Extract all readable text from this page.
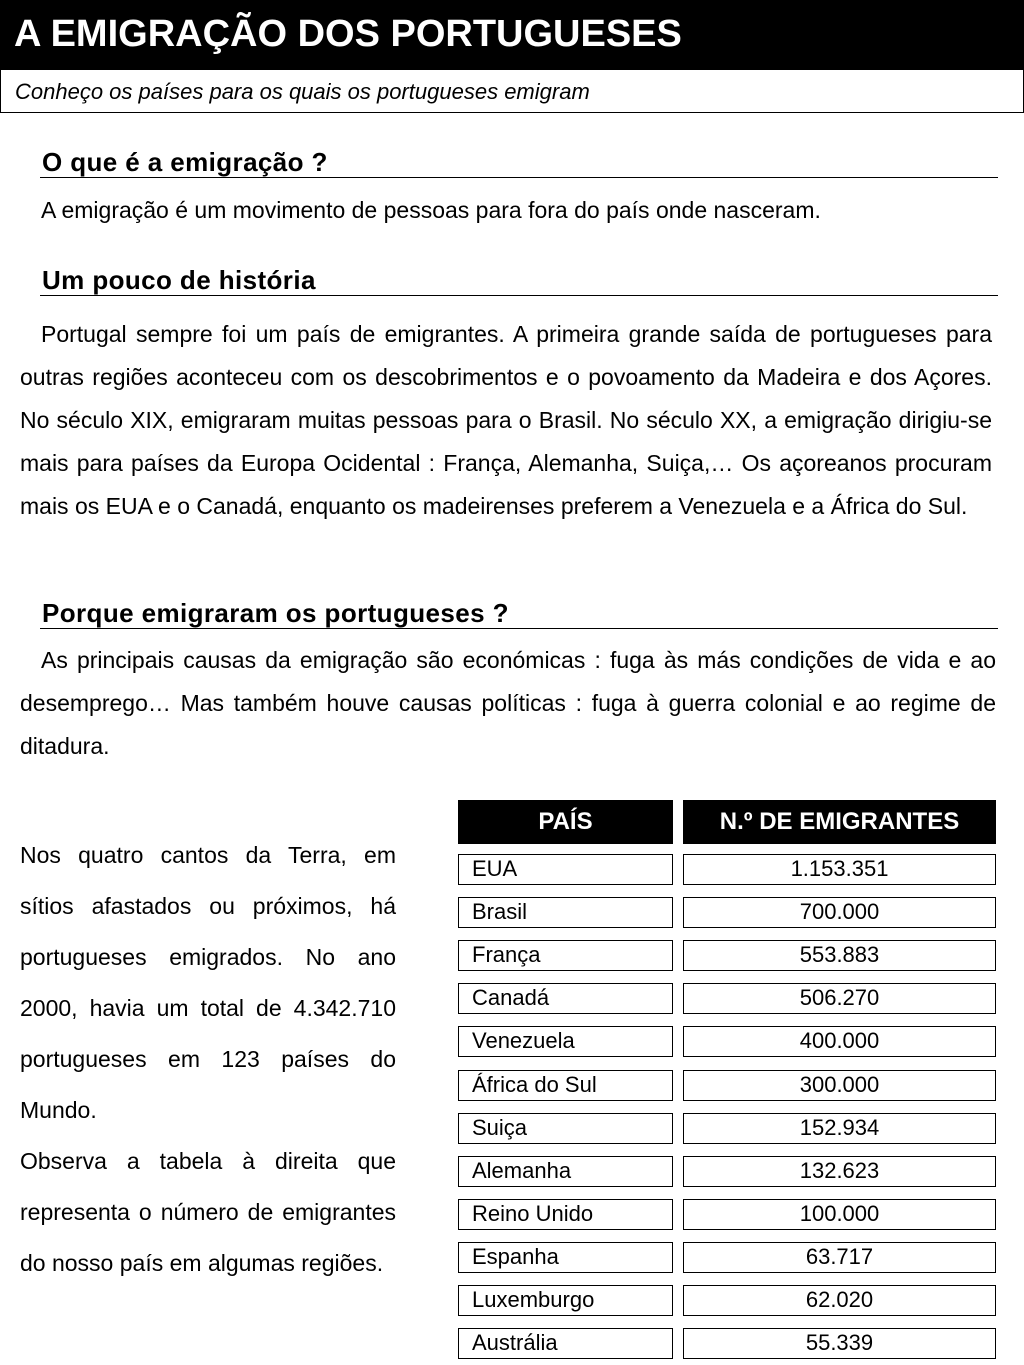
A EMIGRAÇÃO DOS PORTUGUESES
Conheço os países para os quais os portugueses emigram
O que é a emigração ?
A emigração é um movimento de pessoas para fora do país onde nasceram.
Um pouco de história
Portugal sempre foi um país de emigrantes. A primeira grande saída de portugueses para outras regiões aconteceu com os descobrimentos e o povoamento da Madeira e dos Açores. No século XIX, emigraram muitas pessoas para o Brasil. No século XX, a emigração dirigiu-se mais para países da Europa Ocidental : França, Alemanha, Suiça,… Os açoreanos procuram mais os EUA e o Canadá, enquanto os madeirenses preferem a Venezuela e a África do Sul.
Porque emigraram os portugueses ?
As principais causas da emigração são económicas : fuga às más condições de vida e ao desemprego… Mas também houve causas políticas : fuga à guerra colonial e ao regime de ditadura.
Nos quatro cantos da Terra, em sítios afastados ou próximos, há portugueses emigrados. No ano 2000, havia um total de 4.342.710 portugueses em 123 países do Mundo.
Observa a tabela à direita que representa o número de emigrantes do nosso país em algumas regiões.
PAÍS	N.º DE EMIGRANTES
EUA	1.153.351
Brasil	700.000
França	553.883
Canadá	506.270
Venezuela	400.000
África do Sul	300.000
Suiça	152.934
Alemanha	132.623
Reino Unido	100.000
Espanha	63.717
Luxemburgo	62.020
Austrália	55.339
